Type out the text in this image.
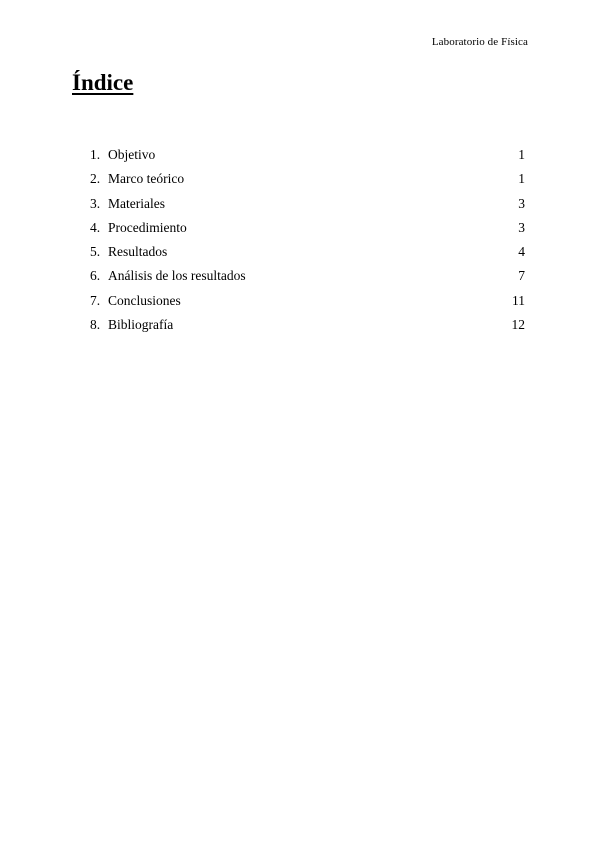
Laboratorio de Física
Índice
1. Objetivo	1
2. Marco teórico	1
3. Materiales	3
4. Procedimiento	3
5. Resultados	4
6. Análisis de los resultados	7
7. Conclusiones	11
8. Bibliografía	12
